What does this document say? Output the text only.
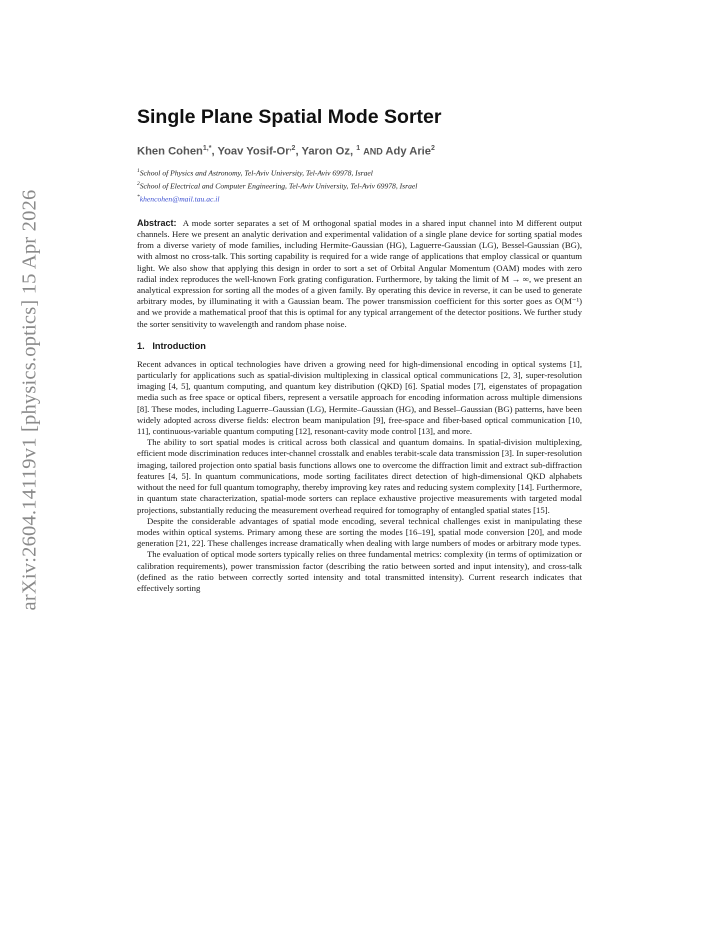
arXiv:2604.14119v1 [physics.optics] 15 Apr 2026
Single Plane Spatial Mode Sorter
Khen Cohen$^{1,*}$, Yoav Yosif-$Or^{,2}$, Yaron Oz, $^1$ AND Ady Arie$^2$
$^1$School of Physics and Astronomy, Tel-Aviv University, Tel-Aviv 69978, Israel
$^2$School of Electrical and Computer Engineering, Tel-Aviv University, Tel-Aviv 69978, Israel
*khencohen@mail.tau.ac.il
Abstract: A mode sorter separates a set of M orthogonal spatial modes in a shared input channel into M different output channels. Here we present an analytic derivation and experimental validation of a single plane device for sorting spatial modes from a diverse variety of mode families, including Hermite-Gaussian (HG), Laguerre-Gaussian (LG), Bessel-Gaussian (BG), with almost no cross-talk. This sorting capability is required for a wide range of applications that employ classical or quantum light. We also show that applying this design in order to sort a set of Orbital Angular Momentum (OAM) modes with zero radial index reproduces the well-known Fork grating configuration. Furthermore, by taking the limit of M → ∞, we present an analytical expression for sorting all the modes of a given family. By operating this device in reverse, it can be used to generate arbitrary modes, by illuminating it with a Gaussian beam. The power transmission coefficient for this sorter goes as O(M⁻¹) and we provide a mathematical proof that this is optimal for any typical arrangement of the detector positions. We further study the sorter sensitivity to wavelength and random phase noise.
1.   Introduction

Recent advances in optical technologies have driven a growing need for high-dimensional encoding in optical systems [1], particularly for applications such as spatial-division multiplexing in classical optical communications [2, 3], super-resolution imaging [4, 5], quantum computing, and quantum key distribution (QKD) [6]. Spatial modes [7], eigenstates of propagation media such as free space or optical fibers, represent a versatile approach for encoding information across multiple dimensions [8]. These modes, including Laguerre–Gaussian (LG), Hermite–Gaussian (HG), and Bessel–Gaussian (BG) patterns, have been widely adopted across diverse fields: electron beam manipulation [9], free-space and fiber-based optical communication [10, 11], continuous-variable quantum computing [12], resonant-cavity mode control [13], and more.

The ability to sort spatial modes is critical across both classical and quantum domains. In spatial-division multiplexing, efficient mode discrimination reduces inter-channel crosstalk and enables terabit-scale data transmission [3]. In super-resolution imaging, tailored projection onto spatial basis functions allows one to overcome the diffraction limit and extract sub-diffraction features [4, 5]. In quantum communications, mode sorting facilitates direct detection of high-dimensional QKD alphabets without the need for full quantum tomography, thereby improving key rates and reducing system complexity [14]. Furthermore, in quantum state characterization, spatial-mode sorters can replace exhaustive projective measurements with targeted modal projections, substantially reducing the measurement overhead required for tomography of entangled spatial states [15].

Despite the considerable advantages of spatial mode encoding, several technical challenges exist in manipulating these modes within optical systems. Primary among these are sorting the modes [16–19], spatial mode conversion [20], and mode generation [21, 22]. These challenges increase dramatically when dealing with large numbers of modes or arbitrary mode types.

The evaluation of optical mode sorters typically relies on three fundamental metrics: complexity (in terms of optimization or calibration requirements), power transmission factor (describing the ratio between sorted and input intensity), and cross-talk (defined as the ratio between correctly sorted intensity and total transmitted intensity). Current research indicates that effectively sorting
